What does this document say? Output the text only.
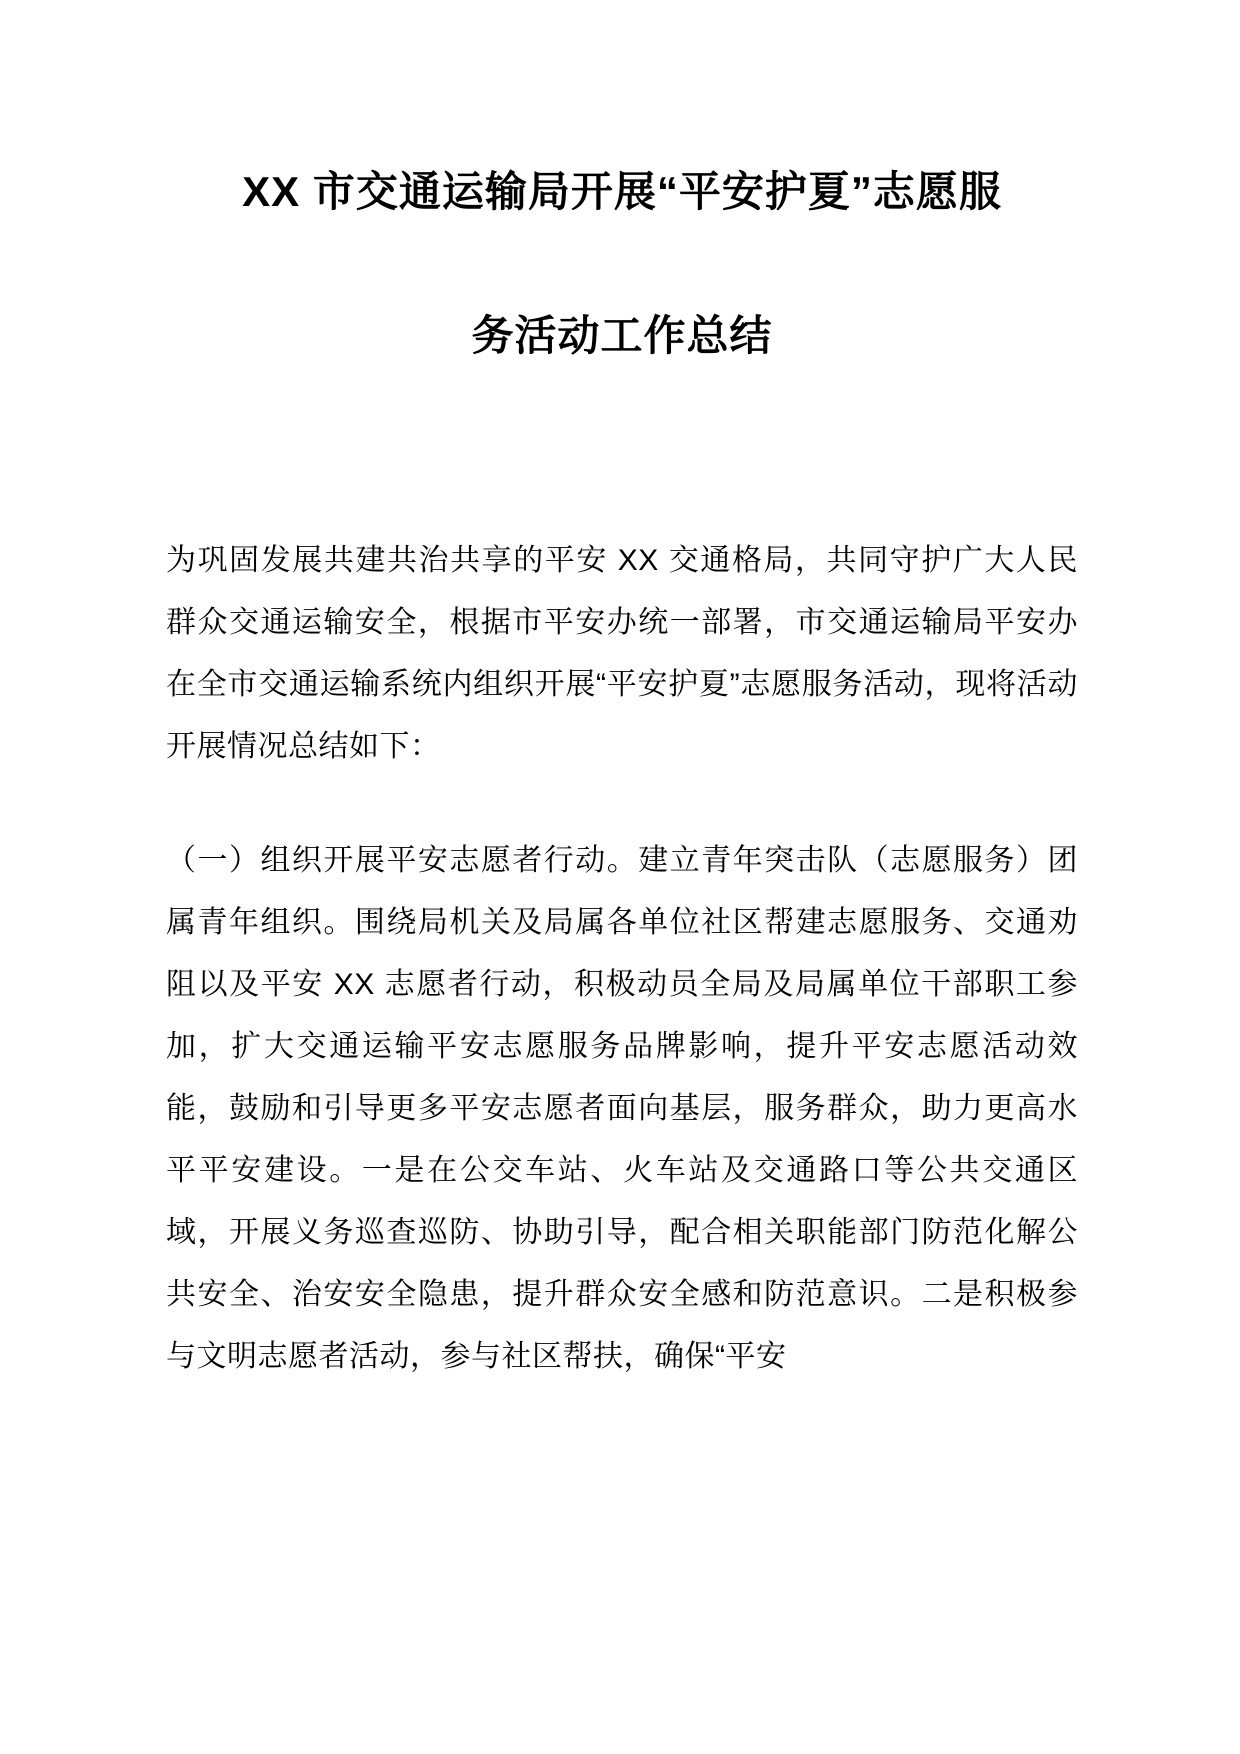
XX 市交通运输局开展“平安护夏”志愿服
务活动工作总结

为巩固发展共建共治共享的平安 XX 交通格局，共同守护广大人民群众交通运输安全，根据市平安办统一部署，市交通运输局平安办在全市交通运输系统内组织开展“平安护夏”志愿服务活动，现将活动开展情况总结如下：

（一）组织开展平安志愿者行动。建立青年突击队（志愿服务）团属青年组织。围绕局机关及局属各单位社区帮建志愿服务、交通劝阻以及平安 XX 志愿者行动，积极动员全局及局属单位干部职工参加，扩大交通运输平安志愿服务品牌影响，提升平安志愿活动效能，鼓励和引导更多平安志愿者面向基层，服务群众，助力更高水平平安建设。一是在公交车站、火车站及交通路口等公共交通区域，开展义务巡查巡防、协助引导，配合相关职能部门防范化解公共安全、治安安全隐患，提升群众安全感和防范意识。二是积极参与文明志愿者活动，参与社区帮扶，确保“平安
